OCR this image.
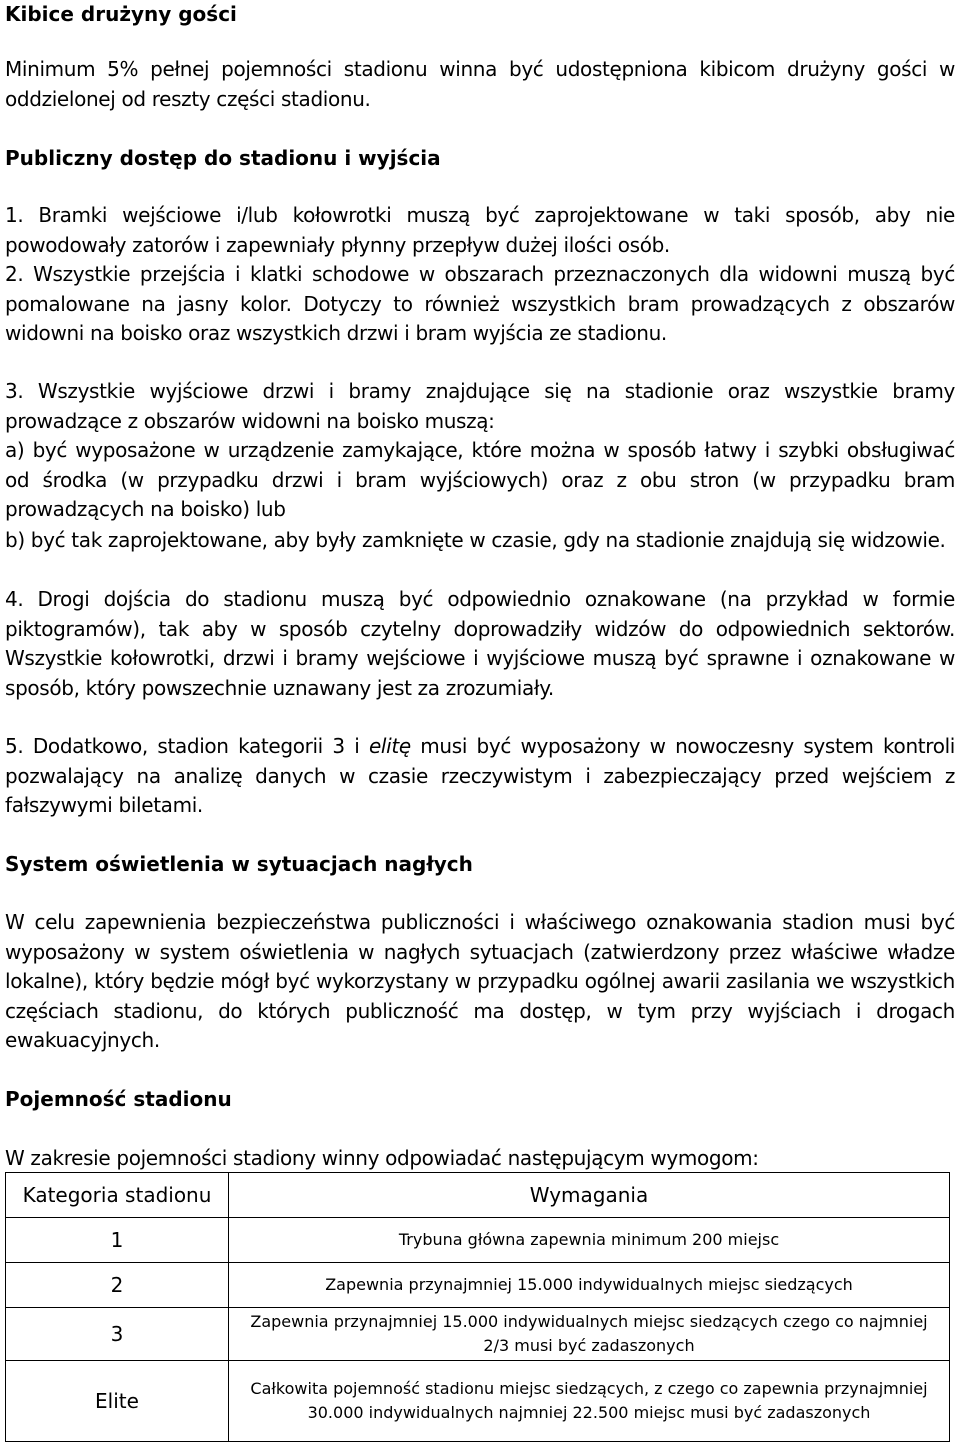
Kibice drużyny gości

Minimum 5% pełnej pojemności stadionu winna być udostępniona kibicom drużyny gości w oddzielonej od reszty części stadionu.

Publiczny dostęp do stadionu i wyjścia

1. Bramki wejściowe i/lub kołowrotki muszą być zaprojektowane w taki sposób, aby nie powodowały zatorów i zapewniały płynny przepływ dużej ilości osób.

2. Wszystkie przejścia i klatki schodowe w obszarach przeznaczonych dla widowni muszą być pomalowane na jasny kolor. Dotyczy to również wszystkich bram prowadzących z obszarów widowni na boisko oraz wszystkich drzwi i bram wyjścia ze stadionu.

3. Wszystkie wyjściowe drzwi i bramy znajdujące się na stadionie oraz wszystkie bramy prowadzące z obszarów widowni na boisko muszą:

a) być wyposażone w urządzenie zamykające, które można w sposób łatwy i szybki obsługiwać od środka (w przypadku drzwi i bram wyjściowych) oraz z obu stron (w przypadku bram prowadzących na boisko) lub

b) być tak zaprojektowane, aby były zamknięte w czasie, gdy na stadionie znajdują się widzowie.

4. Drogi dojścia do stadionu muszą być odpowiednio oznakowane (na przykład w formie piktogramów), tak aby w sposób czytelny doprowadziły widzów do odpowiednich sektorów. Wszystkie kołowrotki, drzwi i bramy wejściowe i wyjściowe muszą być sprawne i oznakowane w sposób, który powszechnie uznawany jest za zrozumiały.

5. Dodatkowo, stadion kategorii 3 i elitę musi być wyposażony w nowoczesny system kontroli pozwalający na analizę danych w czasie rzeczywistym i zabezpieczający przed wejściem z fałszywymi biletami.

System oświetlenia w sytuacjach nagłych

W celu zapewnienia bezpieczeństwa publiczności i właściwego oznakowania stadion musi być wyposażony w system oświetlenia w nagłych sytuacjach (zatwierdzony przez właściwe władze lokalne), który będzie mógł być wykorzystany w przypadku ogólnej awarii zasilania we wszystkich częściach stadionu, do których publiczność ma dostęp, w tym przy wyjściach i drogach ewakuacyjnych.

Pojemność stadionu

W zakresie pojemności stadiony winny odpowiadać następującym wymogom:

Kategoria stadionu	Wymagania
1	Trybuna główna zapewnia minimum 200 miejsc
2	Zapewnia przynajmniej 15.000 indywidualnych miejsc siedzących
3	Zapewnia przynajmniej 15.000 indywidualnych miejsc siedzących czego co najmniej 2/3 musi być zadaszonych
Elite	Całkowita pojemność stadionu miejsc siedzących, z czego co zapewnia przynajmniej 30.000 indywidualnych najmniej 22.500 miejsc musi być zadaszonych
